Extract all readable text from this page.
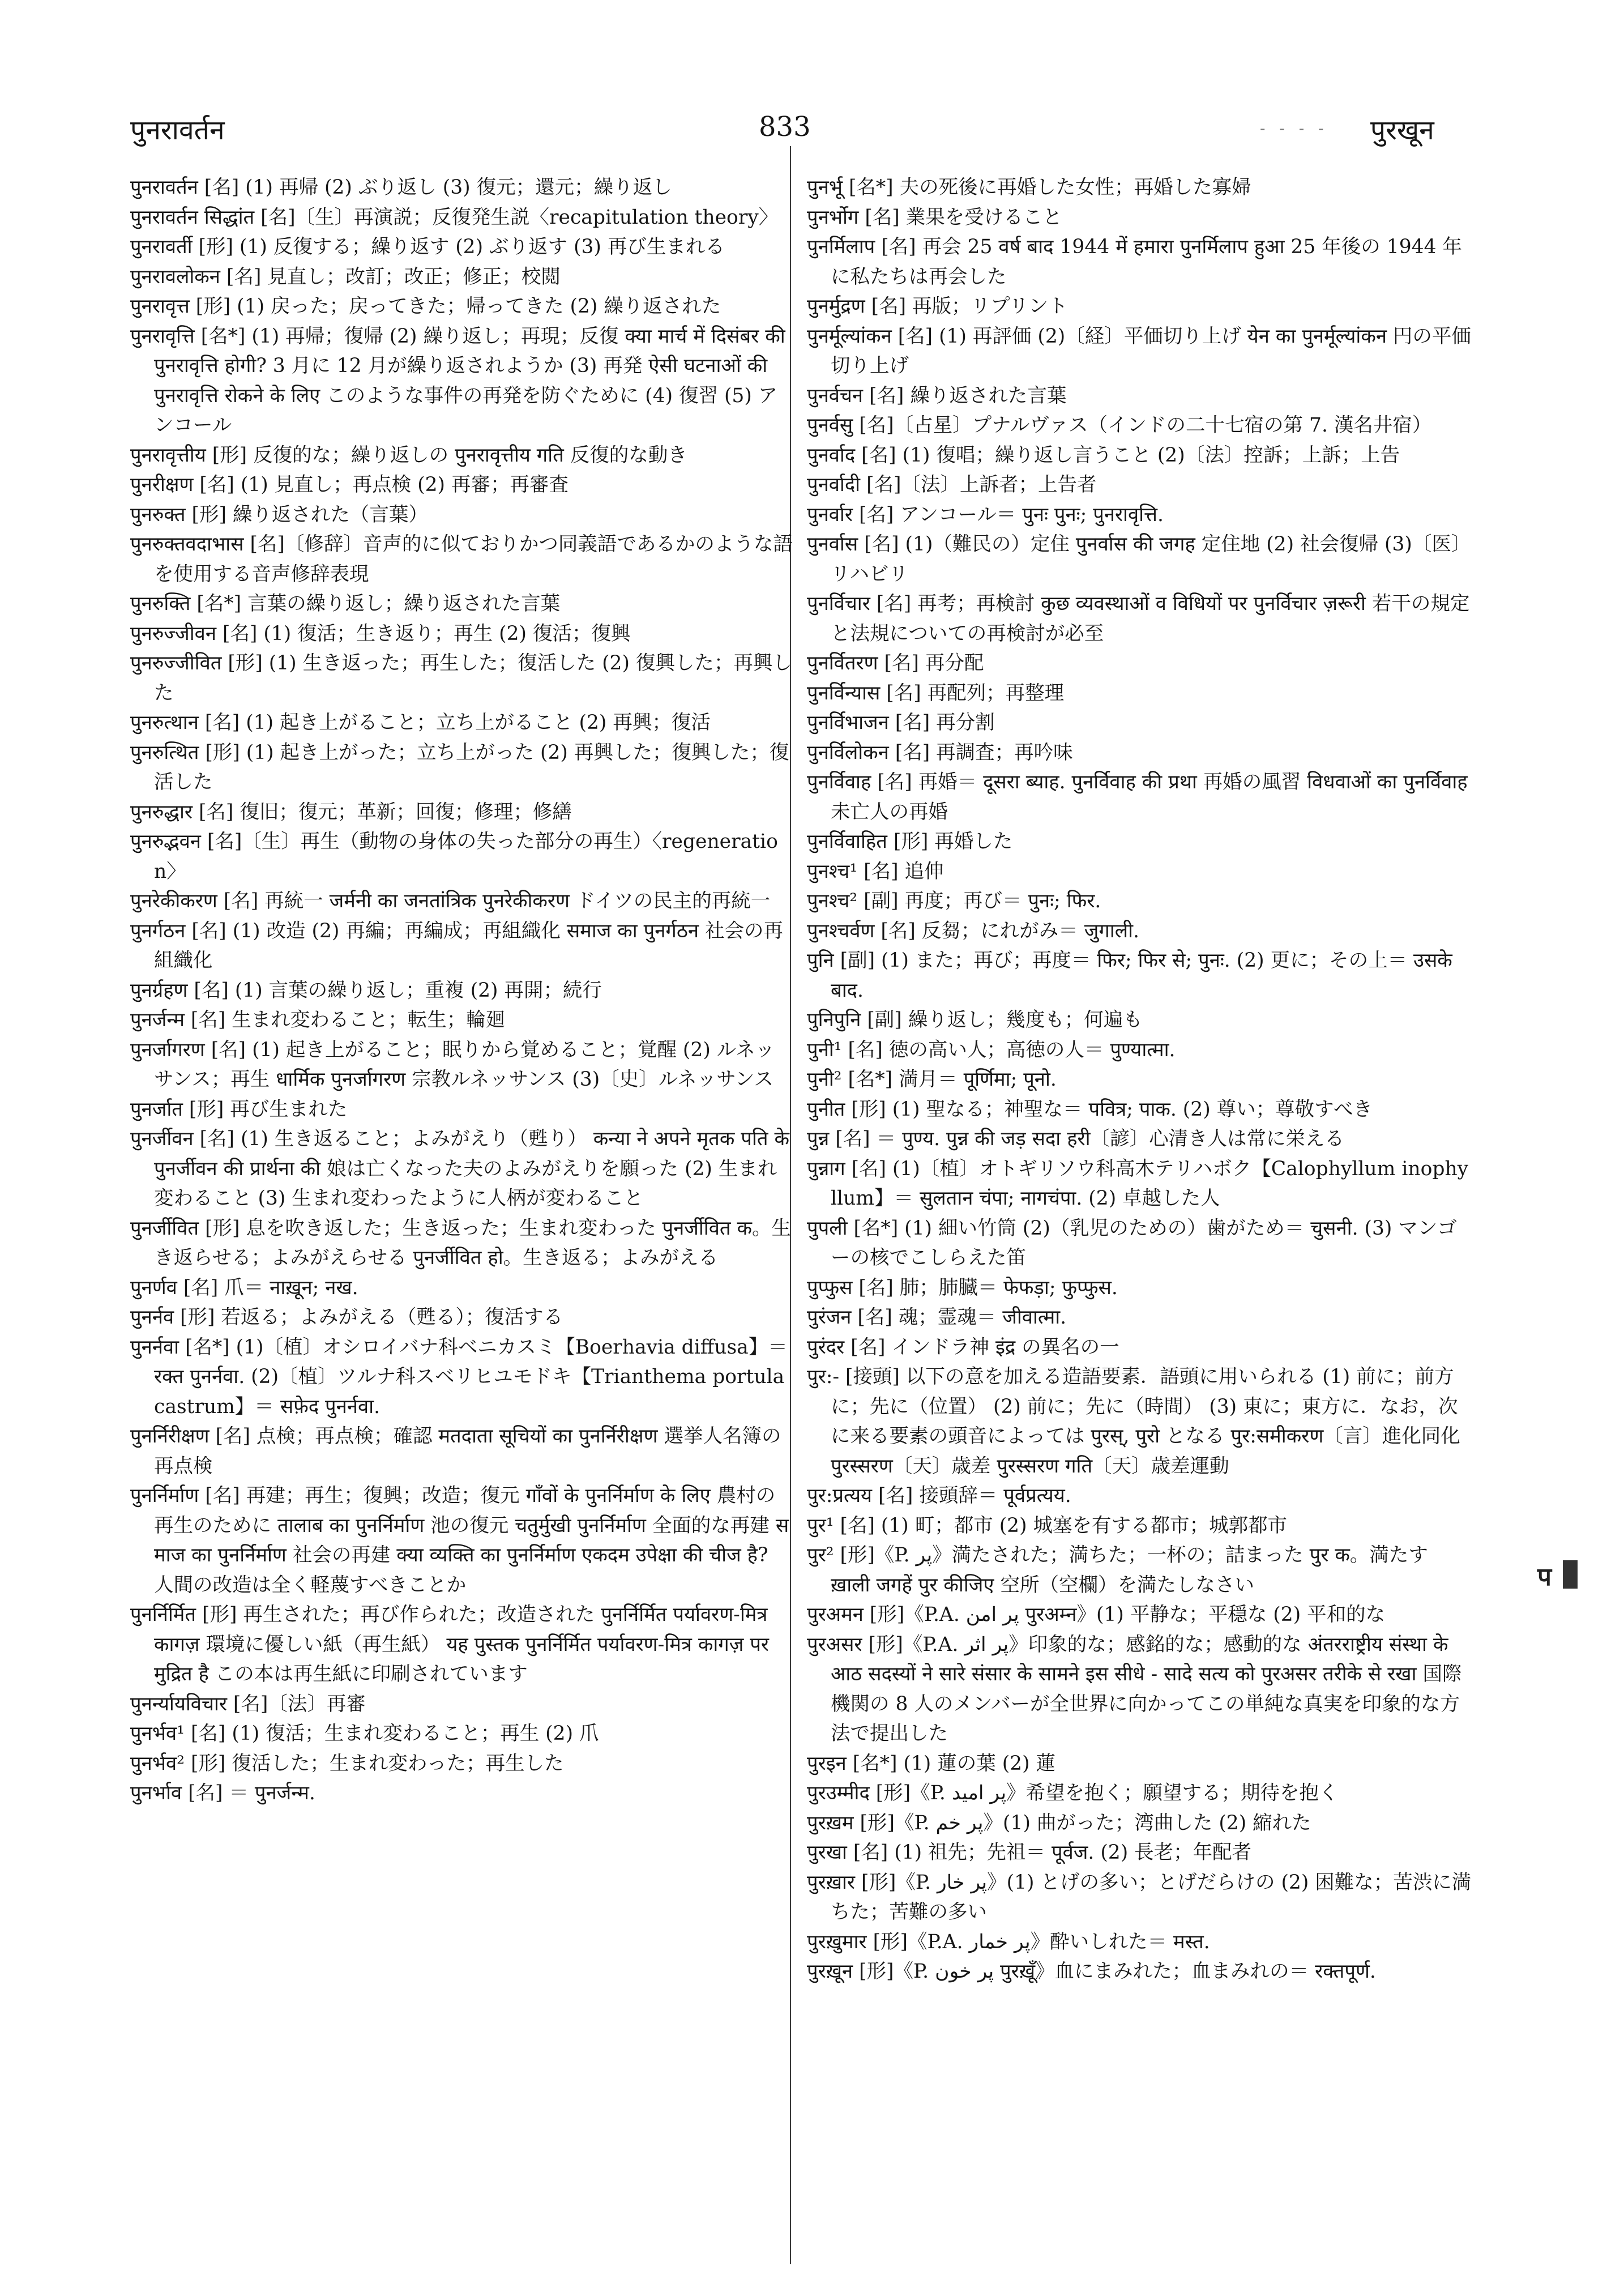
पुनरावर्तन	833	- - - - पुरखून

पुनरावर्तन [名] (1) 再帰 (2) ぶり返し (3) 復元；還元；繰り返し

पुनरावर्तन सिद्धांत [名]〔生〕再演説；反復発生説〈recapitulation theory〉

पुनरावर्ती [形] (1) 反復する；繰り返す (2) ぶり返す (3) 再び生まれる

पुनरावलोकन [名] 見直し；改訂；改正；修正；校閲

पुनरावृत्त [形] (1) 戻った；戻ってきた；帰ってきた (2) 繰り返された

पुनरावृत्ति [名*] (1) 再帰；復帰 (2) 繰り返し；再現；反復 क्या मार्च में दिसंबर की पुनरावृत्ति होगी? 3 月に 12 月が繰り返されようか (3) 再発 ऐसी घटनाओं की पुनरावृत्ति रोकने के लिए このような事件の再発を防ぐために (4) 復習 (5) アンコール

पुनरावृत्तीय [形] 反復的な；繰り返しの पुनरावृत्तीय गति 反復的な動き

पुनरीक्षण [名] (1) 見直し；再点検 (2) 再審；再審査

पुनरुक्त [形] 繰り返された（言葉）

पुनरुक्तवदाभास [名]〔修辞〕音声的に似ておりかつ同義語であるかのような語を使用する音声修辞表現

पुनरुक्ति [名*] 言葉の繰り返し；繰り返された言葉

पुनरुज्जीवन [名] (1) 復活；生き返り；再生 (2) 復活；復興

पुनरुज्जीवित [形] (1) 生き返った；再生した；復活した (2) 復興した；再興した

पुनरुत्थान [名] (1) 起き上がること；立ち上がること (2) 再興；復活

पुनरुत्थित [形] (1) 起き上がった；立ち上がった (2) 再興した；復興した；復活した

पुनरुद्धार [名] 復旧；復元；革新；回復；修理；修繕

पुनरुद्भवन [名]〔生〕再生（動物の身体の失った部分の再生）〈regeneration〉

पुनरेकीकरण [名] 再統一 जर्मनी का जनतांत्रिक पुनरेकीकरण ドイツの民主的再統一

पुनर्गठन [名] (1) 改造 (2) 再編；再編成；再組織化 समाज का पुनर्गठन 社会の再組織化

पुनर्ग्रहण [名] (1) 言葉の繰り返し；重複 (2) 再開；続行

पुनर्जन्म [名] 生まれ変わること；転生；輪廻

पुनर्जागरण [名] (1) 起き上がること；眠りから覚めること；覚醒 (2) ルネッサンス；再生 धार्मिक पुनर्जागरण 宗教ルネッサンス (3)〔史〕ルネッサンス

पुनर्जात [形] 再び生まれた

पुनर्जीवन [名] (1) 生き返ること；よみがえり（甦り） कन्या ने अपने मृतक पति के पुनर्जीवन की प्रार्थना की 娘は亡くなった夫のよみがえりを願った (2) 生まれ変わること (3) 生まれ変わったように人柄が変わること

पुनर्जीवित [形] 息を吹き返した；生き返った；生まれ変わった पुनर्जीवित क。生き返らせる；よみがえらせる पुनर्जीवित हो。生き返る；よみがえる

पुनर्णव [名] 爪＝ नाख़ून; नख.

पुनर्नव [形] 若返る；よみがえる（甦る）；復活する

पुनर्नवा [名*] (1)〔植〕オシロイバナ科ベニカスミ【Boerhavia diffusa】＝ रक्त पुनर्नवा. (2)〔植〕ツルナ科スベリヒユモドキ【Trianthema portulacastrum】＝ सफ़ेद पुनर्नवा.

पुनर्निरीक्षण [名] 点検；再点検；確認 मतदाता सूचियों का पुनर्निरीक्षण 選挙人名簿の再点検

पुनर्निर्माण [名] 再建；再生；復興；改造；復元 गाँवों के पुनर्निर्माण के लिए 農村の再生のために तालाब का पुनर्निर्माण 池の復元 चतुर्मुखी पुनर्निर्माण 全面的な再建 समाज का पुनर्निर्माण 社会の再建 क्या व्यक्ति का पुनर्निर्माण एकदम उपेक्षा की चीज है? 人間の改造は全く軽蔑すべきことか

पुनर्निर्मित [形] 再生された；再び作られた；改造された पुनर्निर्मित पर्यावरण-मित्र कागज़ 環境に優しい紙（再生紙） यह पुस्तक पुनर्निर्मित पर्यावरण-मित्र कागज़ पर मुद्रित है この本は再生紙に印刷されています

पुनर्न्यायविचार [名]〔法〕再審

पुनर्भव¹ [名] (1) 復活；生まれ変わること；再生 (2) 爪

पुनर्भव² [形] 復活した；生まれ変わった；再生した

पुनर्भाव [名] ＝ पुनर्जन्म.

पुनर्भू [名*] 夫の死後に再婚した女性；再婚した寡婦

पुनर्भोग [名] 業果を受けること

पुनर्मिलाप [名] 再会 25 वर्ष बाद 1944 में हमारा पुनर्मिलाप हुआ 25 年後の 1944 年に私たちは再会した

पुनर्मुद्रण [名] 再版；リプリント

पुनर्मूल्यांकन [名] (1) 再評価 (2)〔経〕平価切り上げ येन का पुनर्मूल्यांकन 円の平価切り上げ

पुनर्वचन [名] 繰り返された言葉

पुनर्वसु [名]〔占星〕プナルヴァス（インドの二十七宿の第 7. 漢名井宿）

पुनर्वाद [名] (1) 復唱；繰り返し言うこと (2)〔法〕控訴；上訴；上告

पुनर्वादी [名]〔法〕上訴者；上告者

पुनर्वार [名] アンコール＝ पुनः पुनः; पुनरावृत्ति.

पुनर्वास [名] (1)（難民の）定住 पुनर्वास की जगह 定住地 (2) 社会復帰 (3)〔医〕リハビリ

पुनर्विचार [名] 再考；再検討 कुछ व्यवस्थाओं व विधियों पर पुनर्विचार ज़रूरी 若干の規定と法規についての再検討が必至

पुनर्वितरण [名] 再分配

पुनर्विन्यास [名] 再配列；再整理

पुनर्विभाजन [名] 再分割

पुनर्विलोकन [名] 再調査；再吟味

पुनर्विवाह [名] 再婚＝ दूसरा ब्याह. पुनर्विवाह की प्रथा 再婚の風習 विधवाओं का पुनर्विवाह 未亡人の再婚

पुनर्विवाहित [形] 再婚した

पुनश्च¹ [名] 追伸

पुनश्च² [副] 再度；再び＝ पुनः; फिर.

पुनश्चर्वण [名] 反芻；にれがみ＝ जुगाली.

पुनि [副] (1) また；再び；再度＝ फिर; फिर से; पुनः. (2) 更に；その上＝ उसके बाद.

पुनिपुनि [副] 繰り返し；幾度も；何遍も

पुनी¹ [名] 徳の高い人；高徳の人＝ पुण्यात्मा.

पुनी² [名*] 満月＝ पूर्णिमा; पूनो.

पुनीत [形] (1) 聖なる；神聖な＝ पवित्र; पाक. (2) 尊い；尊敬すべき

पुन्न [名] ＝ पुण्य. पुन्न की जड़ सदा हरी〔諺〕心清き人は常に栄える

पुन्नाग [名] (1)〔植〕オトギリソウ科高木テリハボク【Calophyllum inophyllum】＝ सुलतान चंपा; नागचंपा. (2) 卓越した人

पुपली [名*] (1) 細い竹筒 (2)（乳児のための）歯がため＝ चुसनी. (3) マンゴーの核でこしらえた笛

पुप्फुस [名] 肺；肺臓＝ फेफड़ा; फुप्फुस.

पुरंजन [名] 魂；霊魂＝ जीवात्मा.

पुरंदर [名] インドラ神 इंद्र の異名の一

पुर:- [接頭] 以下の意を加える造語要素．語頭に用いられる (1) 前に；前方に；先に（位置） (2) 前に；先に（時間） (3) 東に；東方に．なお，次に来る要素の頭音によっては पुरस्, पुरो となる पुर:समीकरण〔言〕進化同化 पुरस्सरण〔天〕歳差 पुरस्सरण गति〔天〕歳差運動

पुर:प्रत्यय [名] 接頭辞＝ पूर्वप्रत्यय.

पुर¹ [名] (1) 町；都市 (2) 城塞を有する都市；城郭都市

पुर² [形]《P. پر》満たされた；満ちた；一杯の；詰まった पुर क。満たす ख़ाली जगहें पुर कीजिए 空所（空欄）を満たしなさい

पुरअमन [形]《P.A. پر امن पुरअम्न》(1) 平静な；平穏な (2) 平和的な

पुरअसर [形]《P.A. پر اثر》印象的な；感銘的な；感動的な अंतरराष्ट्रीय संस्था के आठ सदस्यों ने सारे संसार के सामने इस सीधे - सादे सत्य को पुरअसर तरीके से रखा 国際機関の 8 人のメンバーが全世界に向かってこの単純な真実を印象的な方法で提出した

पुरइन [名*] (1) 蓮の葉 (2) 蓮

पुरउम्मीद [形]《P. پر امید》希望を抱く；願望する；期待を抱く

पुरख़म [形]《P. پر خم》(1) 曲がった；湾曲した (2) 縮れた

पुरखा [名] (1) 祖先；先祖＝ पूर्वज. (2) 長老；年配者

पुरख़ार [形]《P. پر خار》(1) とげの多い；とげだらけの (2) 困難な；苦渋に満ちた；苦難の多い

पुरख़ुमार [形]《P.A. پر خمار》酔いしれた＝ मस्त.

पुरख़ून [形]《P. پر خون पुरख़ूँ》血にまみれた；血まみれの＝ रक्तपूर्ण.

प
